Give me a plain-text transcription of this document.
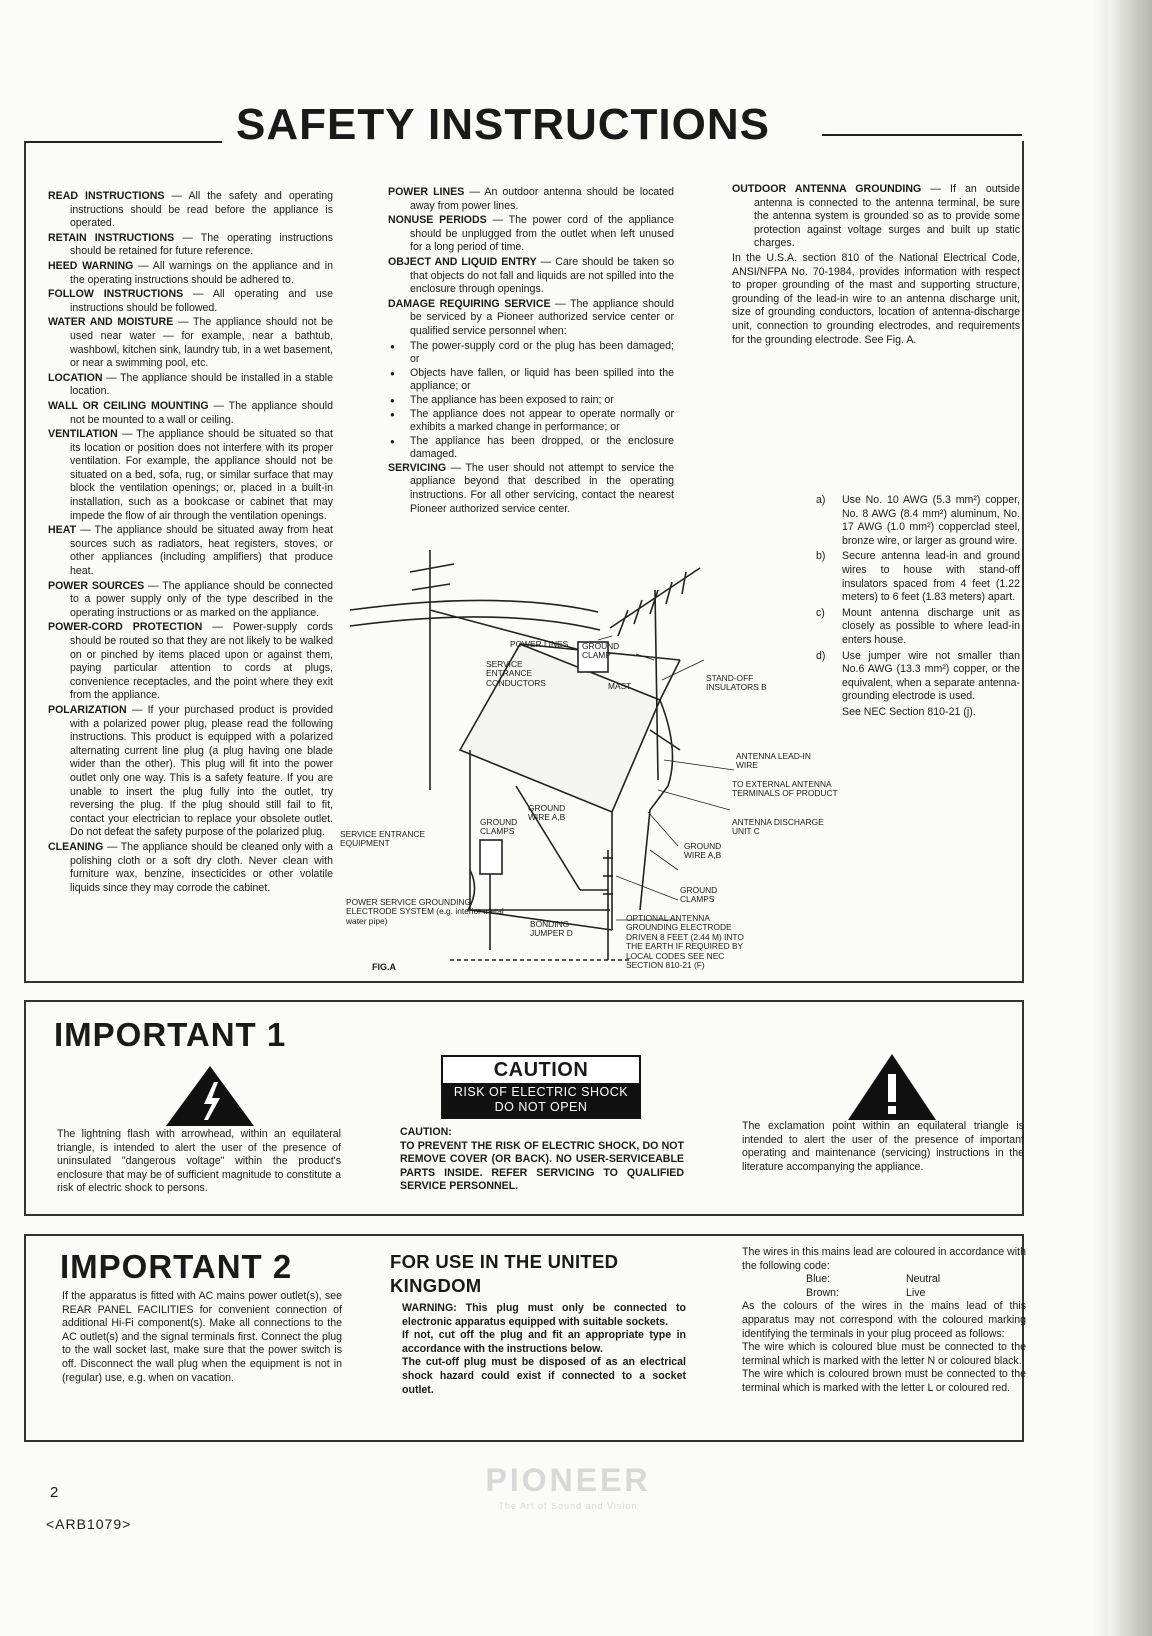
SAFETY INSTRUCTIONS

READ INSTRUCTIONS — All the safety and operating instructions should be read before the appliance is operated.

RETAIN INSTRUCTIONS — The operating instructions should be retained for future reference.

HEED WARNING — All warnings on the appliance and in the operating instructions should be adhered to.

FOLLOW INSTRUCTIONS — All operating and use instructions should be followed.

WATER AND MOISTURE — The appliance should not be used near water — for example, near a bathtub, washbowl, kitchen sink, laundry tub, in a wet basement, or near a swimming pool, etc.

LOCATION — The appliance should be installed in a stable location.

WALL OR CEILING MOUNTING — The appliance should not be mounted to a wall or ceiling.

VENTILATION — The appliance should be situated so that its location or position does not interfere with its proper ventilation. For example, the appliance should not be situated on a bed, sofa, rug, or similar surface that may block the ventilation openings; or, placed in a built-in installation, such as a bookcase or cabinet that may impede the flow of air through the ventilation openings.

HEAT — The appliance should be situated away from heat sources such as radiators, heat registers, stoves, or other appliances (including amplifiers) that produce heat.

POWER SOURCES — The appliance should be connected to a power supply only of the type described in the operating instructions or as marked on the appliance.

POWER-CORD PROTECTION — Power-supply cords should be routed so that they are not likely to be walked on or pinched by items placed upon or against them, paying particular attention to cords at plugs, convenience receptacles, and the point where they exit from the appliance.

POLARIZATION — If your purchased product is provided with a polarized power plug, please read the following instructions. This product is equipped with a polarized alternating current line plug (a plug having one blade wider than the other). This plug will fit into the power outlet only one way. This is a safety feature. If you are unable to insert the plug fully into the outlet, try reversing the plug. If the plug should still fail to fit, contact your electrician to replace your obsolete outlet. Do not defeat the safety purpose of the polarized plug.

CLEANING — The appliance should be cleaned only with a polishing cloth or a soft dry cloth. Never clean with furniture wax, benzine, insecticides or other volatile liquids since they may corrode the cabinet.

POWER LINES — An outdoor antenna should be located away from power lines.

NONUSE PERIODS — The power cord of the appliance should be unplugged from the outlet when left unused for a long period of time.

OBJECT AND LIQUID ENTRY — Care should be taken so that objects do not fall and liquids are not spilled into the enclosure through openings.

DAMAGE REQUIRING SERVICE — The appliance should be serviced by a Pioneer authorized service center or qualified service personnel when:

● The power-supply cord or the plug has been damaged; or

● Objects have fallen, or liquid has been spilled into the appliance; or

● The appliance has been exposed to rain; or

● The appliance does not appear to operate normally or exhibits a marked change in performance; or

● The appliance has been dropped, or the enclosure damaged.

SERVICING — The user should not attempt to service the appliance beyond that described in the operating instructions. For all other servicing, contact the nearest Pioneer authorized service center.

OUTDOOR ANTENNA GROUNDING — If an outside antenna is connected to the antenna terminal, be sure the antenna system is grounded so as to provide some protection against voltage surges and built up static charges.

In the U.S.A. section 810 of the National Electrical Code, ANSI/NFPA No. 70-1984, provides information with respect to proper grounding of the mast and supporting structure, grounding of the lead-in wire to an antenna discharge unit, size of grounding conductors, location of antenna-discharge unit, connection to grounding electrodes, and requirements for the grounding electrode. See Fig. A.

a) Use No. 10 AWG (5.3 mm²) copper, No. 8 AWG (8.4 mm²) aluminum, No. 17 AWG (1.0 mm²) copperclad steel, bronze wire, or larger as ground wire.
b) Secure antenna lead-in and ground wires to house with stand-off insulators spaced from 4 feet (1.22 meters) to 6 feet (1.83 meters) apart.
c) Mount antenna discharge unit as closely as possible to where lead-in enters house.
d) Use jumper wire not smaller than No.6 AWG (13.3 mm²) copper, or the equivalent, when a separate antenna-grounding electrode is used.
See NEC Section 810-21 (j).
POWER LINES
SERVICE ENTRANCE CONDUCTORS
GROUND CLAMP
MAST
STAND-OFF INSULATORS B
ANTENNA LEAD-IN WIRE
TO EXTERNAL ANTENNA TERMINALS OF PRODUCT
ANTENNA DISCHARGE UNIT C
GROUND WIRE A,B
GROUND CLAMPS
GROUND WIRE A,B
GROUND CLAMPS
SERVICE ENTRANCE EQUIPMENT
POWER SERVICE GROUNDING ELECTRODE SYSTEM (e.g. interior metal water pipe)	BONDING JUMPER D
OPTIONAL ANTENNA GROUNDING ELECTRODE DRIVEN 8 FEET (2.44 M) INTO THE EARTH IF REQUIRED BY LOCAL CODES SEE NEC SECTION 810-21 (F)
FIG.A
IMPORTANT 1
The lightning flash with arrowhead, within an equilateral triangle, is intended to alert the user of the presence of uninsulated "dangerous voltage" within the product's enclosure that may be of sufficient magnitude to constitute a risk of electric shock to persons.
CAUTION
RISK OF ELECTRIC SHOCK
DO NOT OPEN
CAUTION:
TO PREVENT THE RISK OF ELECTRIC SHOCK, DO NOT REMOVE COVER (OR BACK). NO USER-SERVICEABLE PARTS INSIDE. REFER SERVICING TO QUALIFIED SERVICE PERSONNEL.
The exclamation point within an equilateral triangle is intended to alert the user of the presence of important operating and maintenance (servicing) instructions in the literature accompanying the appliance.
IMPORTANT 2
If the apparatus is fitted with AC mains power outlet(s), see REAR PANEL FACILITIES for convenient connection of additional Hi-Fi component(s). Make all connections to the AC outlet(s) and the signal terminals first. Connect the plug to the wall socket last, make sure that the power switch is off. Disconnect the wall plug when the equipment is not in (regular) use, e.g. when on vacation.
FOR USE IN THE UNITED KINGDOM
WARNING: This plug must only be connected to electronic apparatus equipped with suitable sockets.
If not, cut off the plug and fit an appropriate type in accordance with the instructions below.
The cut-off plug must be disposed of as an electrical shock hazard could exist if connected to a socket outlet.
The wires in this mains lead are coloured in accordance with the following code:
Blue:	Neutral
Brown:	Live
As the colours of the wires in the mains lead of this apparatus may not correspond with the coloured marking identifying the terminals in your plug proceed as follows:
The wire which is coloured blue must be connected to the terminal which is marked with the letter N or coloured black.
The wire which is coloured brown must be connected to the terminal which is marked with the letter L or coloured red.
PIONEER
The Art of Sound and Vision
2
<ARB1079>
